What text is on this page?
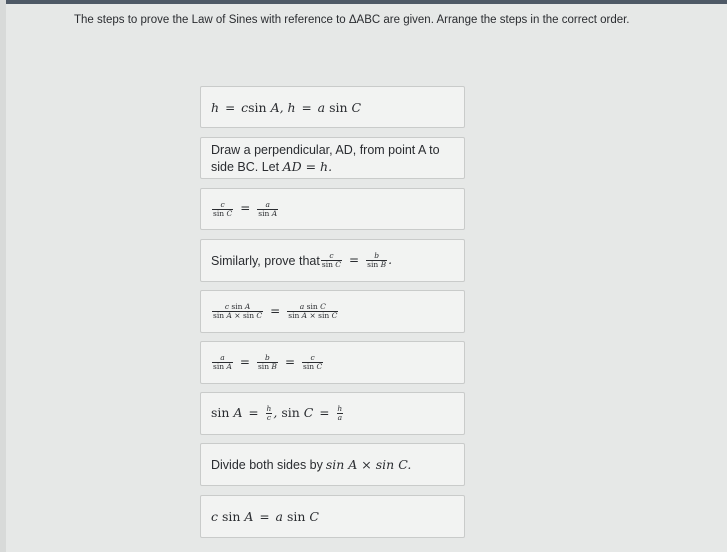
The steps to prove the Law of Sines with reference to ΔABC are given. Arrange the steps in the correct order.
h = csin A, h = a sin C
Draw a perpendicular, AD, from point A to
side BC. Let AD = h.
$\frac{c}{\text{sin C}} = \frac{a}{\text{sin A}}$
Similarly, prove that $\frac{c}{\text{sin C}} = \frac{b}{\text{sin B}}$ .
$\frac{\text{c sin A}}{\text{sin A × sin C}} = \frac{\text{a sin C}}{\text{sin A × sin C}}$
$\frac{a}{\text{sin A}} = \frac{b}{\text{sin B}} = \frac{c}{\text{sin C}}$
$\sin A = \frac{h}{c}$ , $\sin C = \frac{h}{a}$
Divide both sides by sin A × sin C.
c sin A = a sin C
